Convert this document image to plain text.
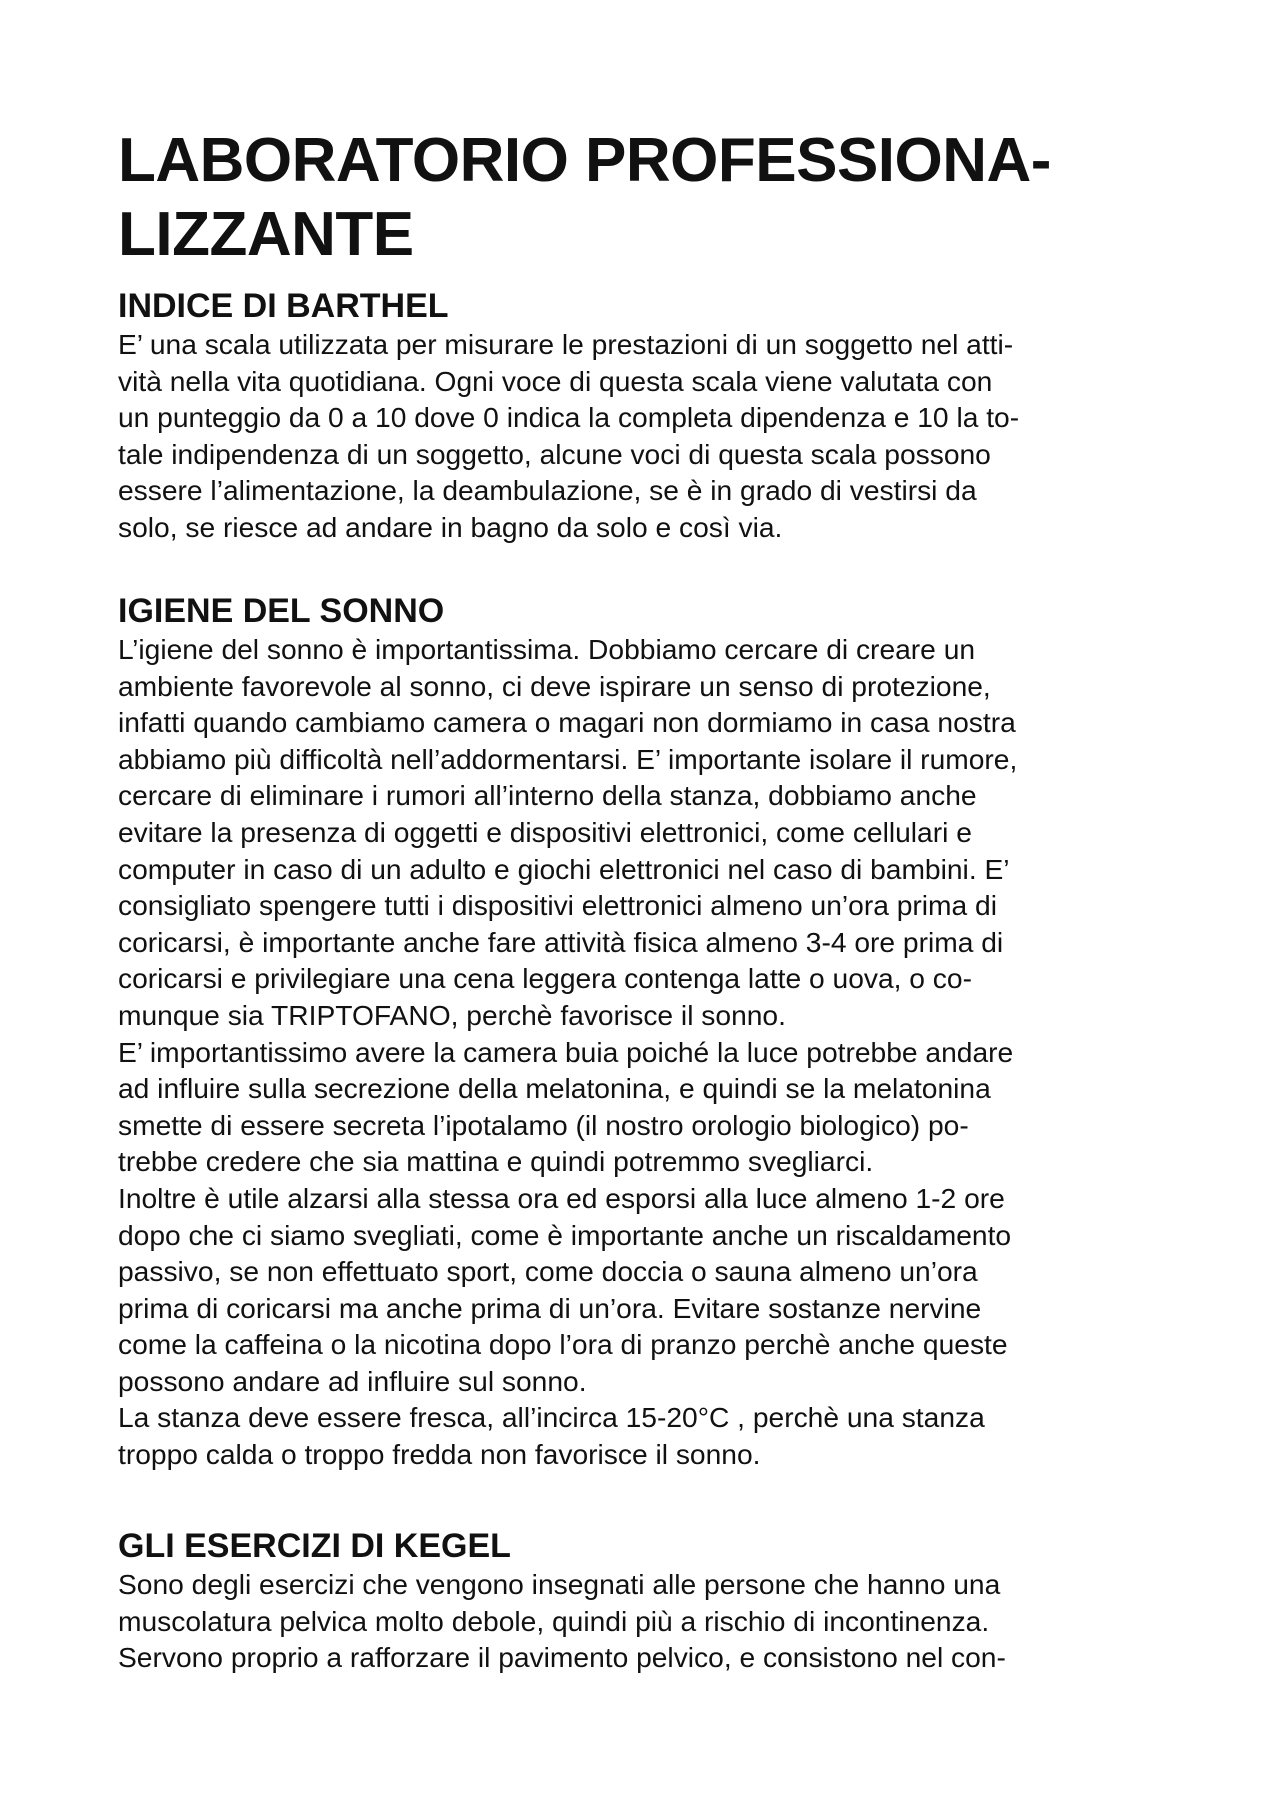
LABORATORIO PROFESSIONA-
LIZZANTE
INDICE DI BARTHEL
E’ una scala utilizzata per misurare le prestazioni di un soggetto nel atti-
vità nella vita quotidiana. Ogni voce di questa scala viene valutata con
un punteggio da 0 a 10 dove 0 indica la completa dipendenza e 10 la to-
tale indipendenza di un soggetto, alcune voci di questa scala possono
essere l’alimentazione, la deambulazione, se è in grado di vestirsi da
solo, se riesce ad andare in bagno da solo e così via.
IGIENE DEL SONNO
L’igiene del sonno è importantissima. Dobbiamo cercare di creare un
ambiente favorevole al sonno, ci deve ispirare un senso di protezione,
infatti quando cambiamo camera o magari non dormiamo in casa nostra
abbiamo più difficoltà nell’addormentarsi. E’ importante isolare il rumore,
cercare di eliminare i rumori all’interno della stanza, dobbiamo anche
evitare la presenza di oggetti e dispositivi elettronici, come cellulari e
computer in caso di un adulto e giochi elettronici nel caso di bambini. E’
consigliato spengere tutti i dispositivi elettronici almeno un’ora prima di
coricarsi, è importante anche fare attività fisica almeno 3-4 ore prima di
coricarsi e privilegiare una cena leggera contenga latte o uova, o co-
munque sia TRIPTOFANO, perchè favorisce il sonno.
E’ importantissimo avere la camera buia poiché la luce potrebbe andare
ad influire sulla secrezione della melatonina, e quindi se la melatonina
smette di essere secreta l’ipotalamo (il nostro orologio biologico) po-
trebbe credere che sia mattina e quindi potremmo svegliarci.
Inoltre è utile alzarsi alla stessa ora ed esporsi alla luce almeno 1-2 ore
dopo che ci siamo svegliati, come è importante anche un riscaldamento
passivo, se non effettuato sport, come doccia o sauna almeno un’ora
prima di coricarsi ma anche prima di un’ora. Evitare sostanze nervine
come la caffeina o la nicotina dopo l’ora di pranzo perchè anche queste
possono andare ad influire sul sonno.
La stanza deve essere fresca, all’incirca 15-20°C , perchè una stanza
troppo calda o troppo fredda non favorisce il sonno.
GLI ESERCIZI DI KEGEL
Sono degli esercizi che vengono insegnati alle persone che hanno una
muscolatura pelvica molto debole, quindi più a rischio di incontinenza.
Servono proprio a rafforzare il pavimento pelvico, e consistono nel con-
